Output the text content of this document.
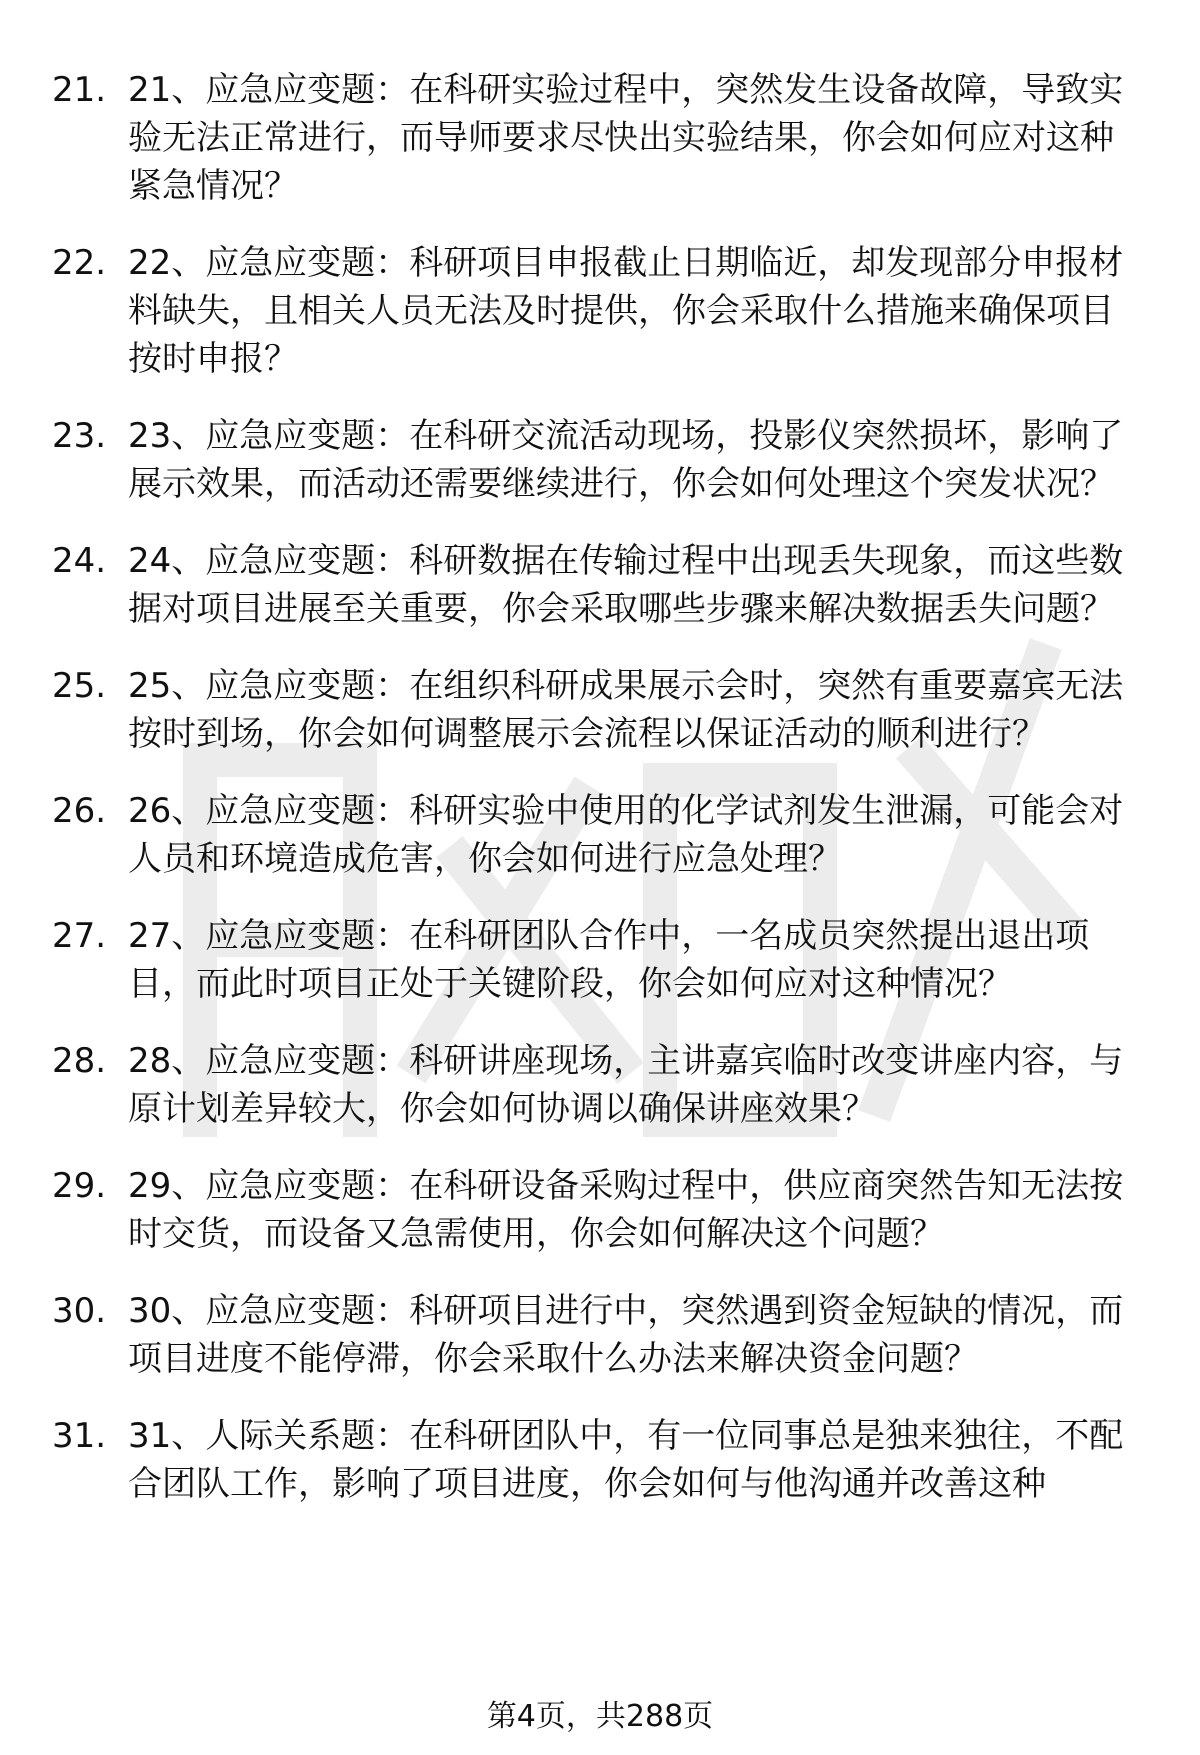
21. 21、应急应变题：在科研实验过程中，突然发生设备故障，导致实验无法正常进行，而导师要求尽快出实验结果，你会如何应对这种紧急情况？
22. 22、应急应变题：科研项目申报截止日期临近，却发现部分申报材料缺失，且相关人员无法及时提供，你会采取什么措施来确保项目按时申报？
23. 23、应急应变题：在科研交流活动现场，投影仪突然损坏，影响了展示效果，而活动还需要继续进行，你会如何处理这个突发状况？
24. 24、应急应变题：科研数据在传输过程中出现丢失现象，而这些数据对项目进展至关重要，你会采取哪些步骤来解决数据丢失问题？
25. 25、应急应变题：在组织科研成果展示会时，突然有重要嘉宾无法按时到场，你会如何调整展示会流程以保证活动的顺利进行？
26. 26、应急应变题：科研实验中使用的化学试剂发生泄漏，可能会对人员和环境造成危害，你会如何进行应急处理？
27. 27、应急应变题：在科研团队合作中，一名成员突然提出退出项目，而此时项目正处于关键阶段，你会如何应对这种情况？
28. 28、应急应变题：科研讲座现场，主讲嘉宾临时改变讲座内容，与原计划差异较大，你会如何协调以确保讲座效果？
29. 29、应急应变题：在科研设备采购过程中，供应商突然告知无法按时交货，而设备又急需使用，你会如何解决这个问题？
30. 30、应急应变题：科研项目进行中，突然遇到资金短缺的情况，而项目进度不能停滞，你会采取什么办法来解决资金问题？
31. 31、人际关系题：在科研团队中，有一位同事总是独来独往，不配合团队工作，影响了项目进度，你会如何与他沟通并改善这种
第4页，共288页
